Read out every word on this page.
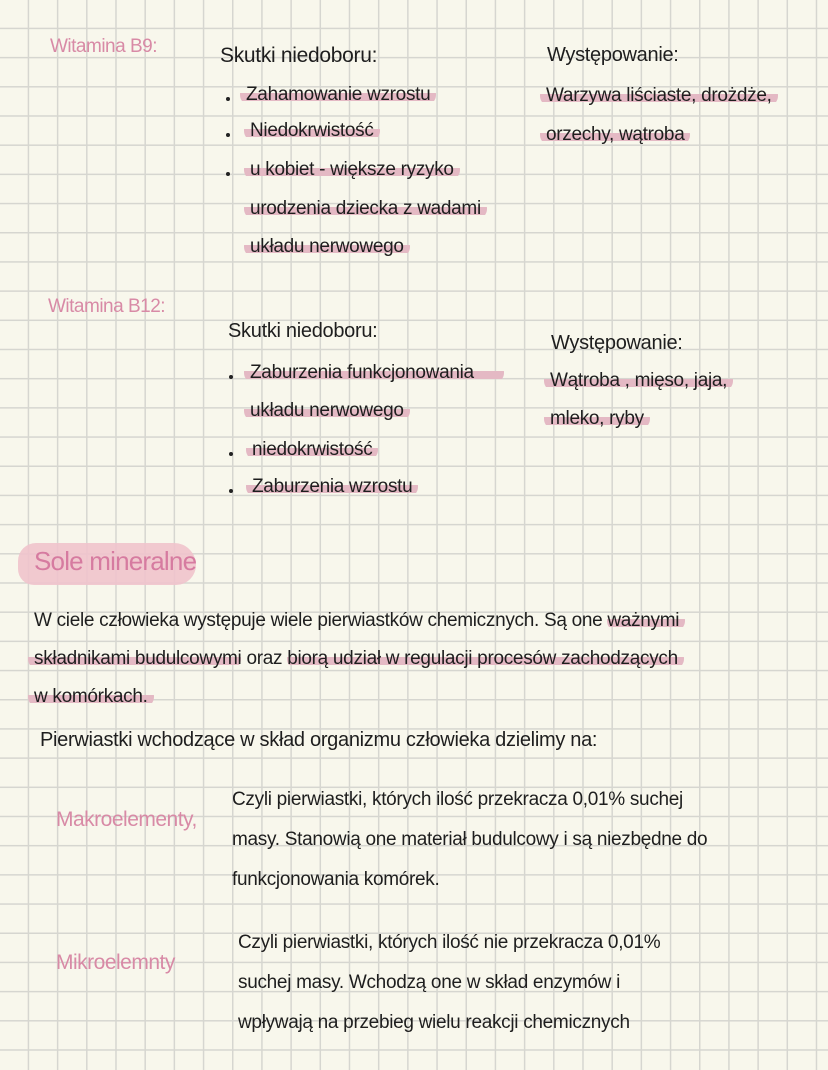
Witamina B9:	Skutki niedoboru:
Zahamowanie wzrostu
Niedokrwistość
u kobiet - większe ryzyko
urodzenia dziecka z wadami
układu nerwowego
Występowanie:
Warzywa liściaste, drożdże,
orzechy, wątroba
Witamina B12:
Skutki niedoboru:
Zaburzenia funkcjonowania
układu nerwowego
niedokrwistość
Zaburzenia wzrostu
Występowanie:
Wątroba , mięso, jaja,
mleko, ryby
Sole mineralne
W ciele człowieka występuje wiele pierwiastków chemicznych. Są one ważnymi
składnikami budulcowymi oraz biorą udział w regulacji procesów zachodzących
w komórkach.
Pierwiastki wchodzące w skład organizmu człowieka dzielimy na:
Makroelementy,
Czyli pierwiastki, których ilość przekracza 0,01% suchej
masy. Stanowią one materiał budulcowy i są niezbędne do
funkcjonowania komórek.
Mikroelemnty
Czyli pierwiastki, których ilość nie przekracza 0,01%
suchej masy. Wchodzą one w skład enzymów i
wpływają na przebieg wielu reakcji chemicznych
